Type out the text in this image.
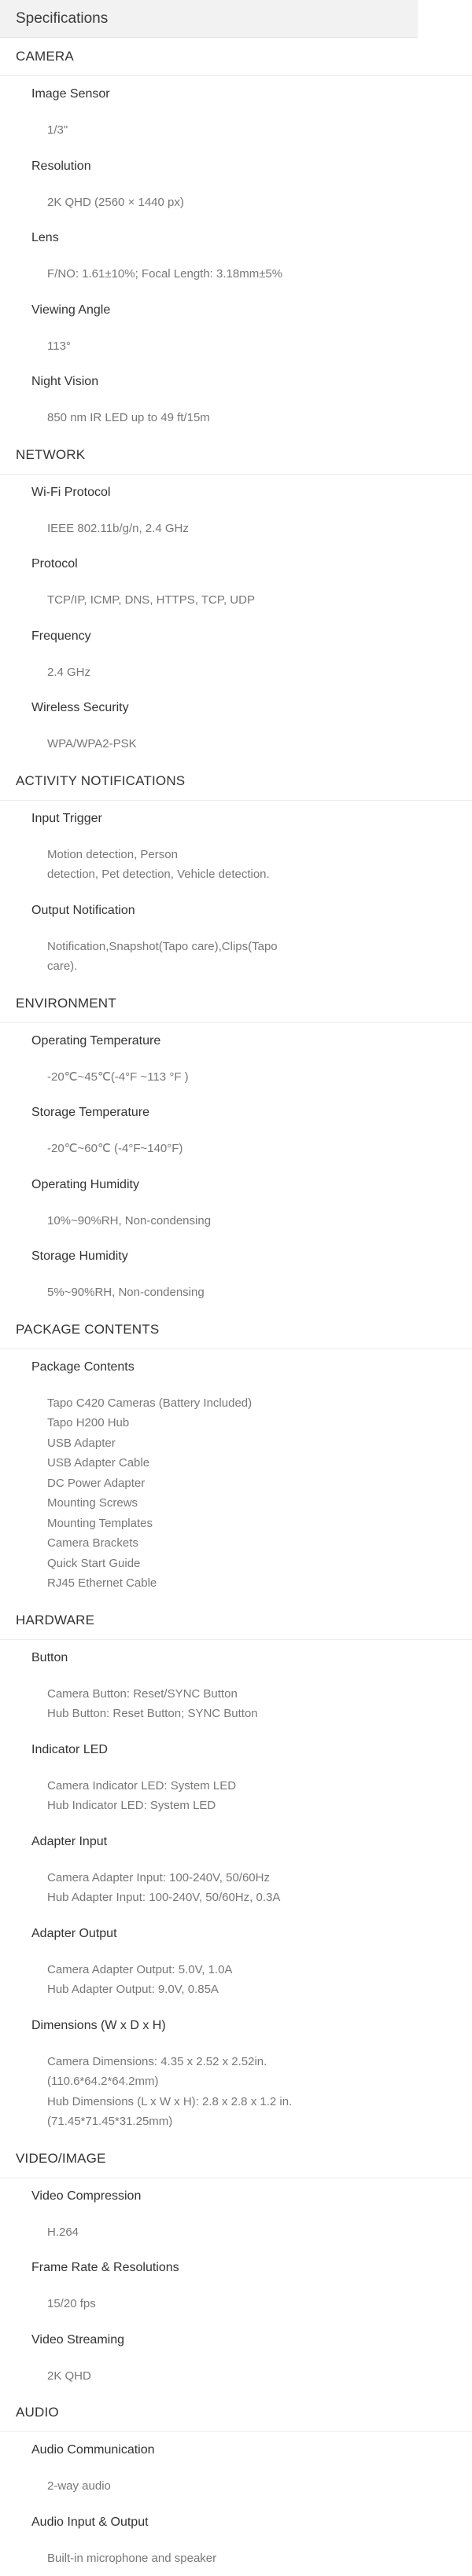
Specifications
CAMERA
Image Sensor
1/3"
Resolution
2K QHD (2560 × 1440 px)
Lens
F/NO: 1.61±10%; Focal Length: 3.18mm±5%
Viewing Angle
113°
Night Vision
850 nm IR LED up to 49 ft/15m
NETWORK
Wi-Fi Protocol
IEEE 802.11b/g/n, 2.4 GHz
Protocol
TCP/IP, ICMP, DNS, HTTPS, TCP, UDP
Frequency
2.4 GHz
Wireless Security
WPA/WPA2-PSK
ACTIVITY NOTIFICATIONS
Input Trigger
Motion detection, Person
detection, Pet detection, Vehicle detection.
Output Notification
Notification,Snapshot(Tapo care),Clips(Tapo
care).
ENVIRONMENT
Operating Temperature
-20℃~45℃(-4°F ~113 °F )
Storage Temperature
-20℃~60℃ (-4°F~140°F)
Operating Humidity
10%~90%RH, Non-condensing
Storage Humidity
5%~90%RH, Non-condensing
PACKAGE CONTENTS
Package Contents
Tapo C420 Cameras (Battery Included)
Tapo H200 Hub
USB Adapter
USB Adapter Cable
DC Power Adapter
Mounting Screws
Mounting Templates
Camera Brackets
Quick Start Guide
RJ45 Ethernet Cable
HARDWARE
Button
Camera Button: Reset/SYNC Button
Hub Button: Reset Button; SYNC Button
Indicator LED
Camera Indicator LED: System LED
Hub Indicator LED: System LED
Adapter Input
Camera Adapter Input: 100-240V, 50/60Hz
Hub Adapter Input: 100-240V, 50/60Hz, 0.3A
Adapter Output
Camera Adapter Output: 5.0V, 1.0A
Hub Adapter Output: 9.0V, 0.85A
Dimensions (W x D x H)
Camera Dimensions: 4.35 x 2.52 x 2.52in.
(110.6*64.2*64.2mm)
Hub Dimensions (L x W x H): 2.8 x 2.8 x 1.2 in.
(71.45*71.45*31.25mm)
VIDEO/IMAGE
Video Compression
H.264
Frame Rate & Resolutions
15/20 fps
Video Streaming
2K QHD
AUDIO
Audio Communication
2-way audio
Audio Input & Output
Built-in microphone and speaker
